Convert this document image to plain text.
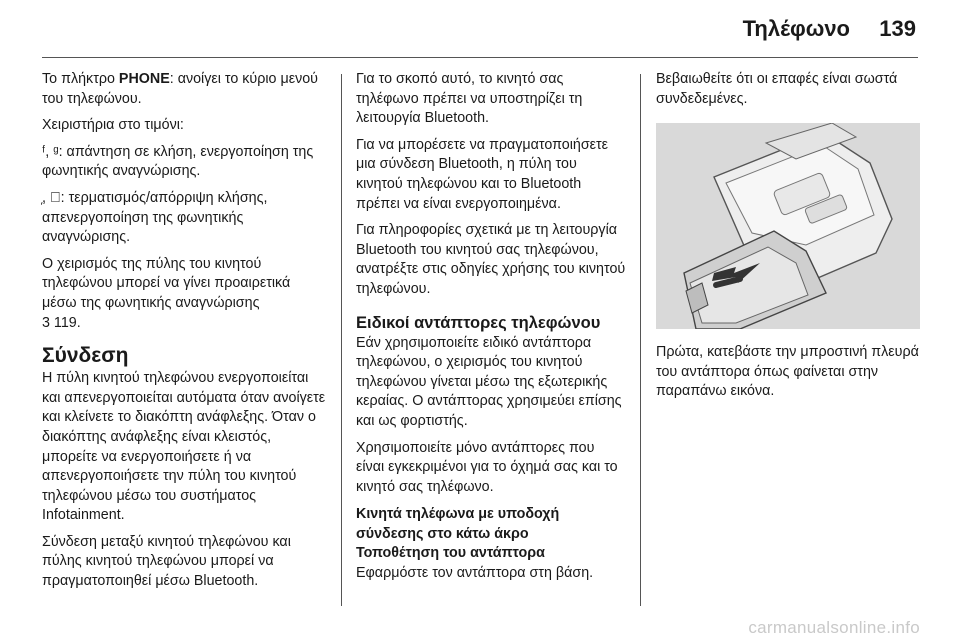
Τηλέφωνο 139

Το πλήκτρο PHONE: ανοίγει το κύριο μενού του τηλεφώνου.

Χειριστήρια στο τιμόνι:

ᶠ, ᶢ: απάντηση σε κλήση, ενεργοποίηση της φωνητικής αναγνώρισης.

᷊, ᷋: τερματισμός/απόρριψη κλήσης, απενεργοποίηση της φωνητικής αναγνώρισης.

Ο χειρισμός της πύλης του κινητού τηλεφώνου μπορεί να γίνει προαιρετικά μέσω της φωνητικής αναγνώρισης
3 119.

Σύνδεση

Η πύλη κινητού τηλεφώνου ενεργοποιείται και απενεργοποιείται αυτόματα όταν ανοίγετε και κλείνετε το διακόπτη ανάφλεξης. Όταν ο διακόπτης ανάφλεξης είναι κλειστός, μπορείτε να ενεργοποιήσετε ή να απενεργοποιήσετε την πύλη του κινητού τηλεφώνου μέσω του συστήματος Infotainment.

Σύνδεση μεταξύ κινητού τηλεφώνου και πύλης κινητού τηλεφώνου μπορεί να πραγματοποιηθεί μέσω Bluetooth.

Για το σκοπό αυτό, το κινητό σας τηλέφωνο πρέπει να υποστηρίζει τη λειτουργία Bluetooth.

Για να μπορέσετε να πραγματοποιήσετε μια σύνδεση Bluetooth, η πύλη του κινητού τηλεφώνου και το Bluetooth πρέπει να είναι ενεργοποιημένα.

Για πληροφορίες σχετικά με τη λειτουργία Bluetooth του κινητού σας τηλεφώνου, ανατρέξτε στις οδηγίες χρήσης του κινητού τηλεφώνου.

Ειδικοί αντάπτορες τηλεφώνου

Εάν χρησιμοποιείτε ειδικό αντάπτορα τηλεφώνου, ο χειρισμός του κινητού τηλεφώνου γίνεται μέσω της εξωτερικής κεραίας. Ο αντάπτορας χρησιμεύει επίσης και ως φορτιστής.

Χρησιμοποιείτε μόνο αντάπτορες που είναι εγκεκριμένοι για το όχημά σας και το κινητό σας τηλέφωνο.

Κινητά τηλέφωνα με υποδοχή σύνδεσης στο κάτω άκρο
Τοποθέτηση του αντάπτορα

Εφαρμόστε τον αντάπτορα στη βάση.

Βεβαιωθείτε ότι οι επαφές είναι σωστά συνδεδεμένες.

Πρώτα, κατεβάστε την μπροστινή πλευρά του αντάπτορα όπως φαίνεται στην παραπάνω εικόνα.

carmanualsonline.info
